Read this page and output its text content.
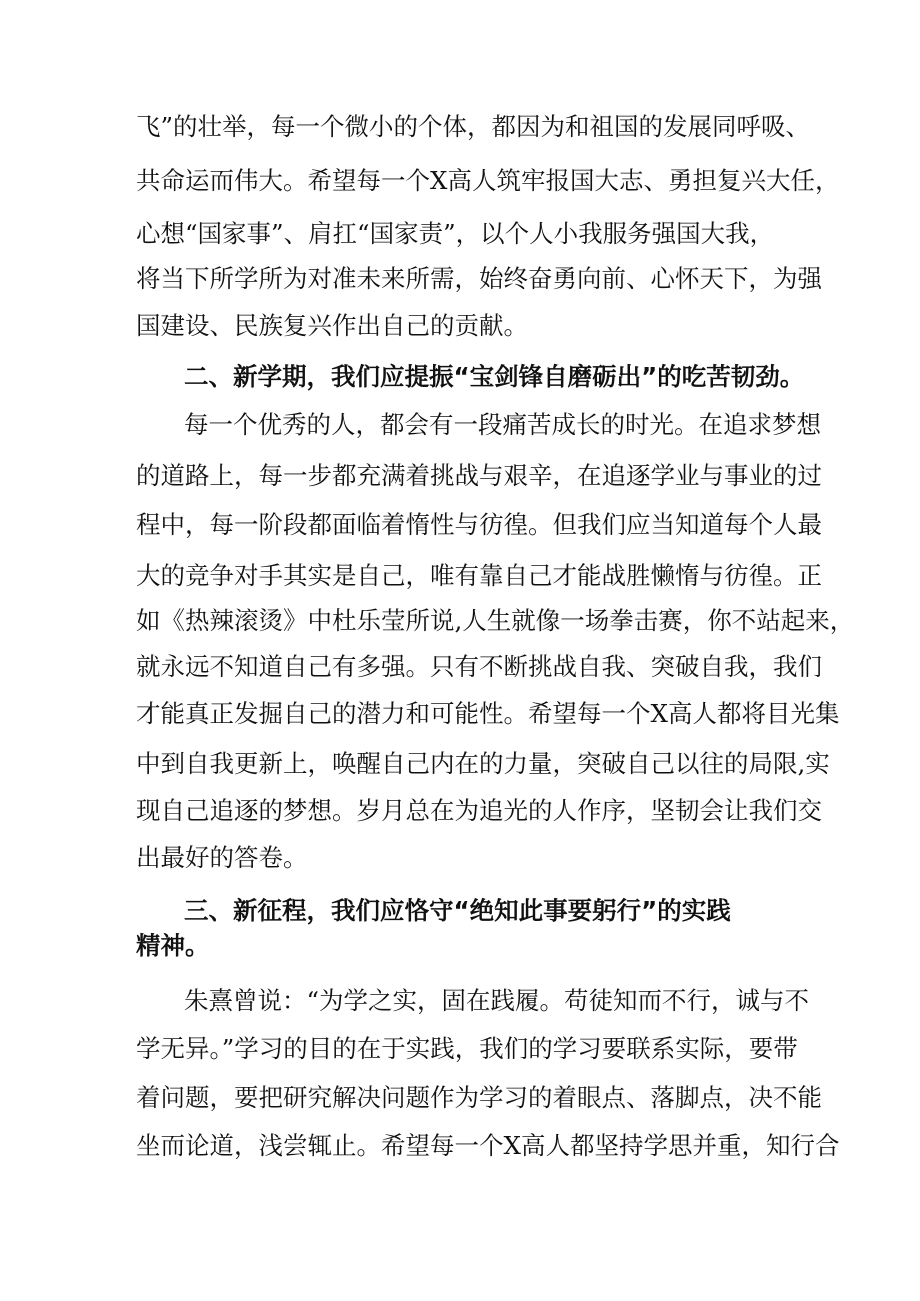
飞”的壮举，每一个微小的个体，都因为和祖国的发展同呼吸、
共命运而伟大。希望每一个X高人筑牢报国大志、勇担复兴大任，
心想“国家事”、肩扛“国家责”，以个人小我服务强国大我，
将当下所学所为对准未来所需，始终奋勇向前、心怀天下，为强
国建设、民族复兴作出自己的贡献。
二、新学期，我们应提振“宝剑锋自磨砺出”的吃苦韧劲。
每一个优秀的人，都会有一段痛苦成长的时光。在追求梦想
的道路上，每一步都充满着挑战与艰辛，在追逐学业与事业的过
程中，每一阶段都面临着惰性与彷徨。但我们应当知道每个人最
大的竞争对手其实是自己，唯有靠自己才能战胜懒惰与彷徨。正
如《热辣滚烫》中杜乐莹所说,人生就像一场拳击赛，你不站起来，
就永远不知道自己有多强。只有不断挑战自我、突破自我，我们
才能真正发掘自己的潜力和可能性。希望每一个X高人都将目光集
中到自我更新上，唤醒自己内在的力量，突破自己以往的局限,实
现自己追逐的梦想。岁月总在为追光的人作序，坚韧会让我们交
出最好的答卷。
三、新征程，我们应恪守“绝知此事要躬行”的实践
精神。
朱熹曾说：“为学之实，固在践履。苟徒知而不行，诚与不
学无异。”学习的目的在于实践，我们的学习要联系实际，要带
着问题，要把研究解决问题作为学习的着眼点、落脚点，决不能
坐而论道，浅尝辄止。希望每一个X高人都坚持学思并重，知行合
